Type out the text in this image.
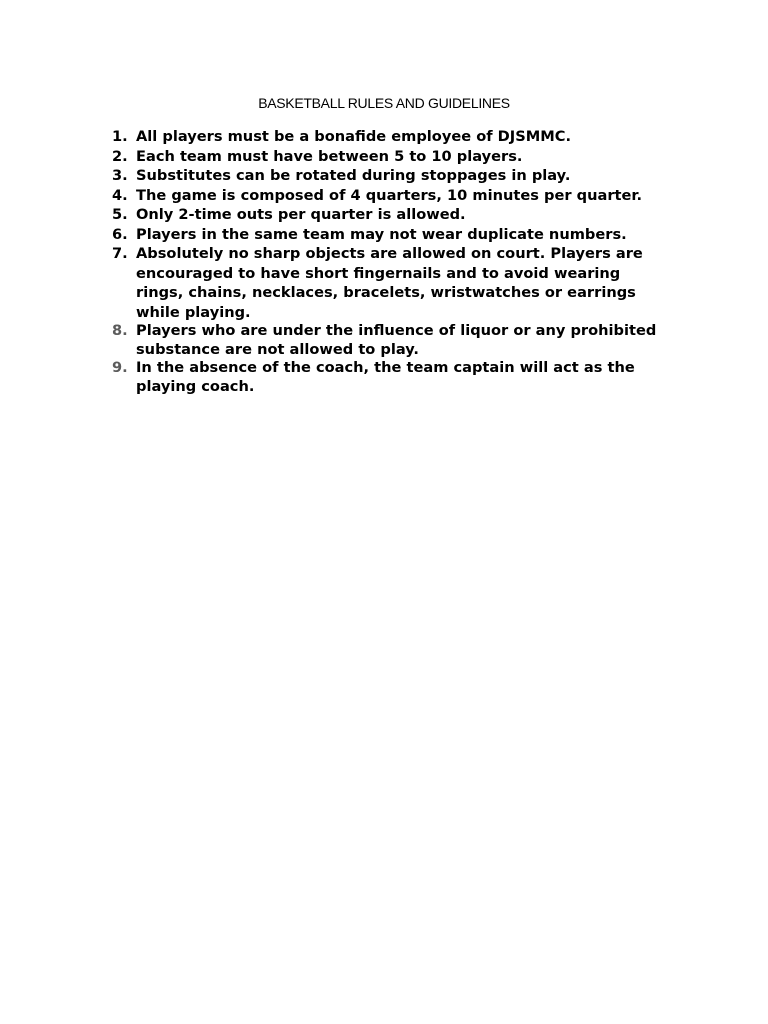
BASKETBALL RULES AND GUIDELINES
1. All players must be a bonafide employee of DJSMMC.
2. Each team must have between 5 to 10 players.
3. Substitutes can be rotated during stoppages in play.
4. The game is composed of 4 quarters, 10 minutes per quarter.
5. Only 2-time outs per quarter is allowed.
6. Players in the same team may not wear duplicate numbers.
7. Absolutely no sharp objects are allowed on court. Players are encouraged to have short fingernails and to avoid wearing rings, chains, necklaces, bracelets, wristwatches or earrings while playing.
8. Players who are under the influence of liquor or any prohibited substance are not allowed to play.
9. In the absence of the coach, the team captain will act as the playing coach.
